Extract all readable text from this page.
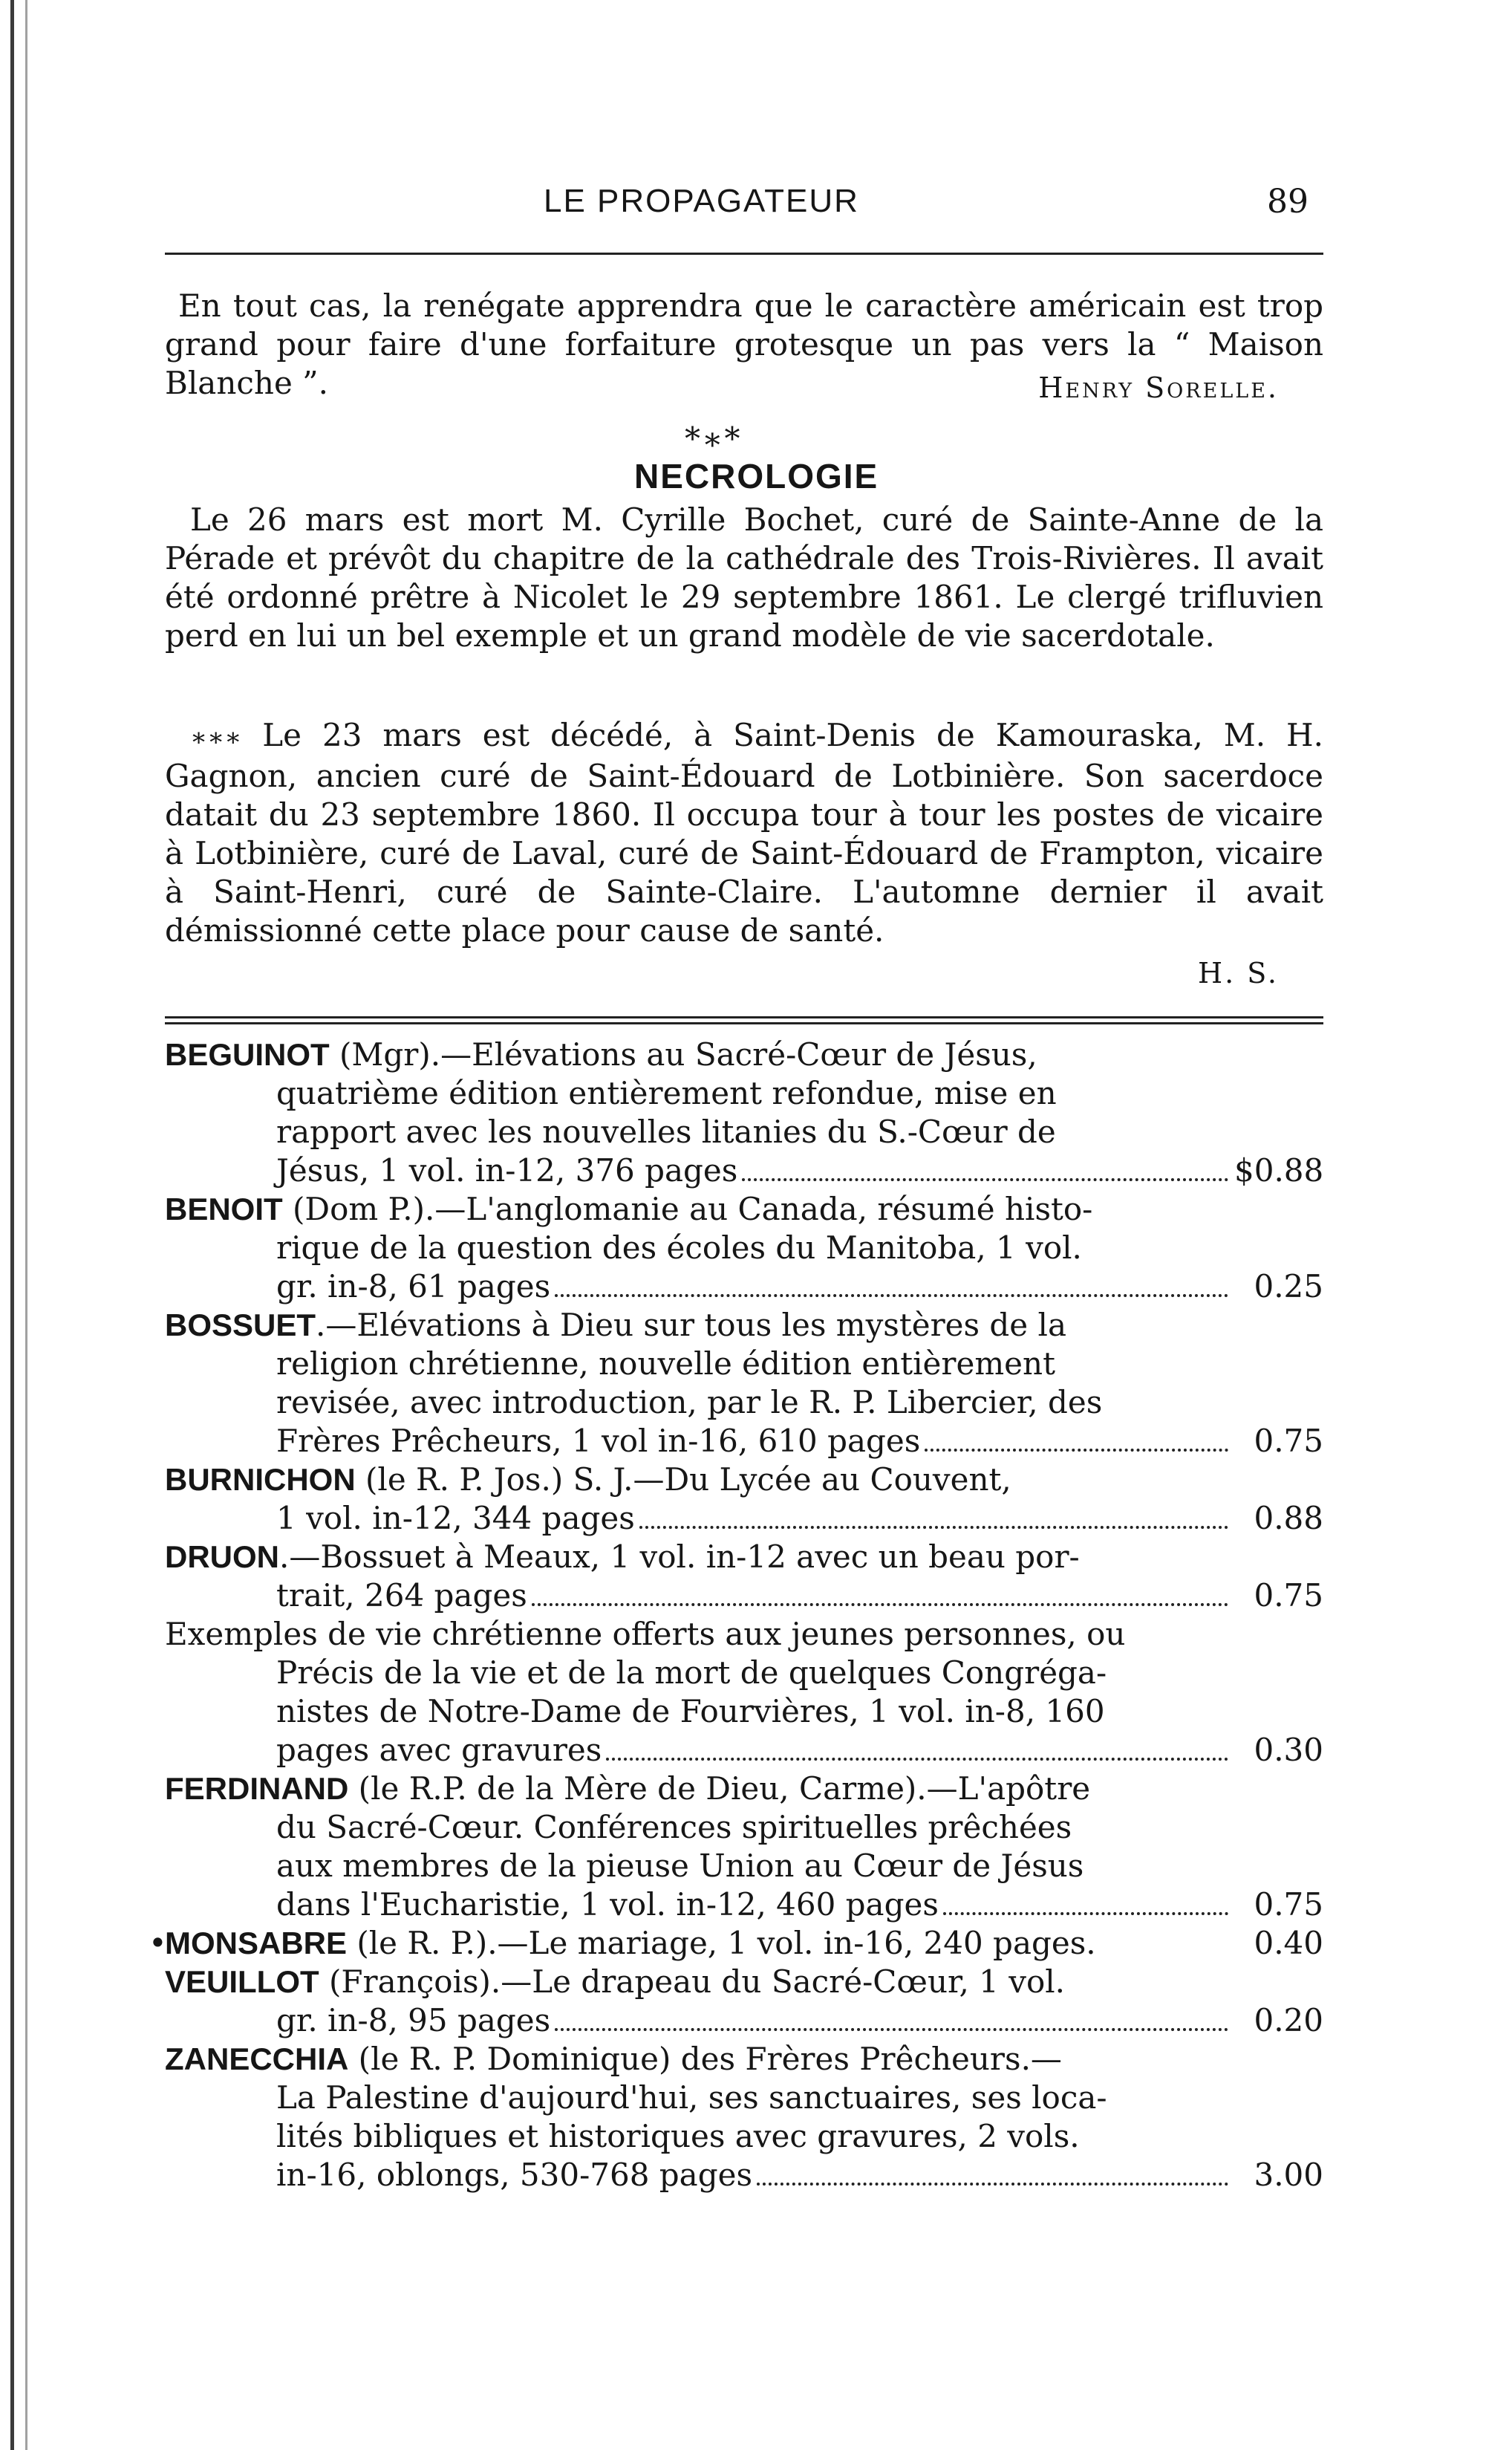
LE PROPAGATEUR	89

En tout cas, la renégate apprendra que le caractère américain est trop grand pour faire d'une forfaiture grotesque un pas vers la “ Maison Blanche ”.	Henry Sorelle.
*∗*
NECROLOGIE

Le 26 mars est mort M. Cyrille Bochet, curé de Sainte-Anne de la Pérade et prévôt du chapitre de la cathédrale des Trois-Rivières. Il avait été ordonné prêtre à Nicolet le 29 septembre 1861. Le clergé trifluvien perd en lui un bel exemple et un grand modèle de vie sacerdotale.

∗∗∗ Le 23 mars est décédé, à Saint-Denis de Kamouraska, M. H. Gagnon, ancien curé de Saint-Édouard de Lotbinière. Son sacerdoce datait du 23 septembre 1860. Il occupa tour à tour les postes de vicaire à Lotbinière, curé de Laval, curé de Saint-Édouard de Frampton, vicaire à Saint-Henri, curé de Sainte-Claire. L'automne dernier il avait démissionné cette place pour cause de santé.

H. S.
BEGUINOT (Mgr).—Elévations au Sacré-Cœur de Jésus,
quatrième édition entièrement refondue, mise en
rapport avec les nouvelles litanies du S.-Cœur de
Jésus, 1 vol. in-12, 376 pages	$0.88
BENOIT (Dom P.).—L'anglomanie au Canada, résumé histo-
rique de la question des écoles du Manitoba, 1 vol.
gr. in-8, 61 pages	0.25
BOSSUET.—Elévations à Dieu sur tous les mystères de la
religion chrétienne, nouvelle édition entièrement
revisée, avec introduction, par le R. P. Libercier, des
Frères Prêcheurs, 1 vol in-16, 610 pages	0.75
BURNICHON (le R. P. Jos.) S. J.—Du Lycée au Couvent,
1 vol. in-12, 344 pages	0.88
DRUON.—Bossuet à Meaux, 1 vol. in-12 avec un beau por-
trait, 264 pages	0.75
Exemples de vie chrétienne offerts aux jeunes personnes, ou
Précis de la vie et de la mort de quelques Congréga-
nistes de Notre-Dame de Fourvières, 1 vol. in-8, 160
pages avec gravures	0.30
FERDINAND (le R.P. de la Mère de Dieu, Carme).—L'apôtre
du Sacré-Cœur. Conférences spirituelles prêchées
aux membres de la pieuse Union au Cœur de Jésus
dans l'Eucharistie, 1 vol. in-12, 460 pages	0.75
•
MONSABRE (le R. P.).—Le mariage, 1 vol. in-16, 240 pages.	0.40
VEUILLOT (François).—Le drapeau du Sacré-Cœur, 1 vol.
gr. in-8, 95 pages	0.20
ZANECCHIA (le R. P. Dominique) des Frères Prêcheurs.—
La Palestine d'aujourd'hui, ses sanctuaires, ses loca-
lités bibliques et historiques avec gravures, 2 vols.
in-16, oblongs, 530-768 pages	3.00
